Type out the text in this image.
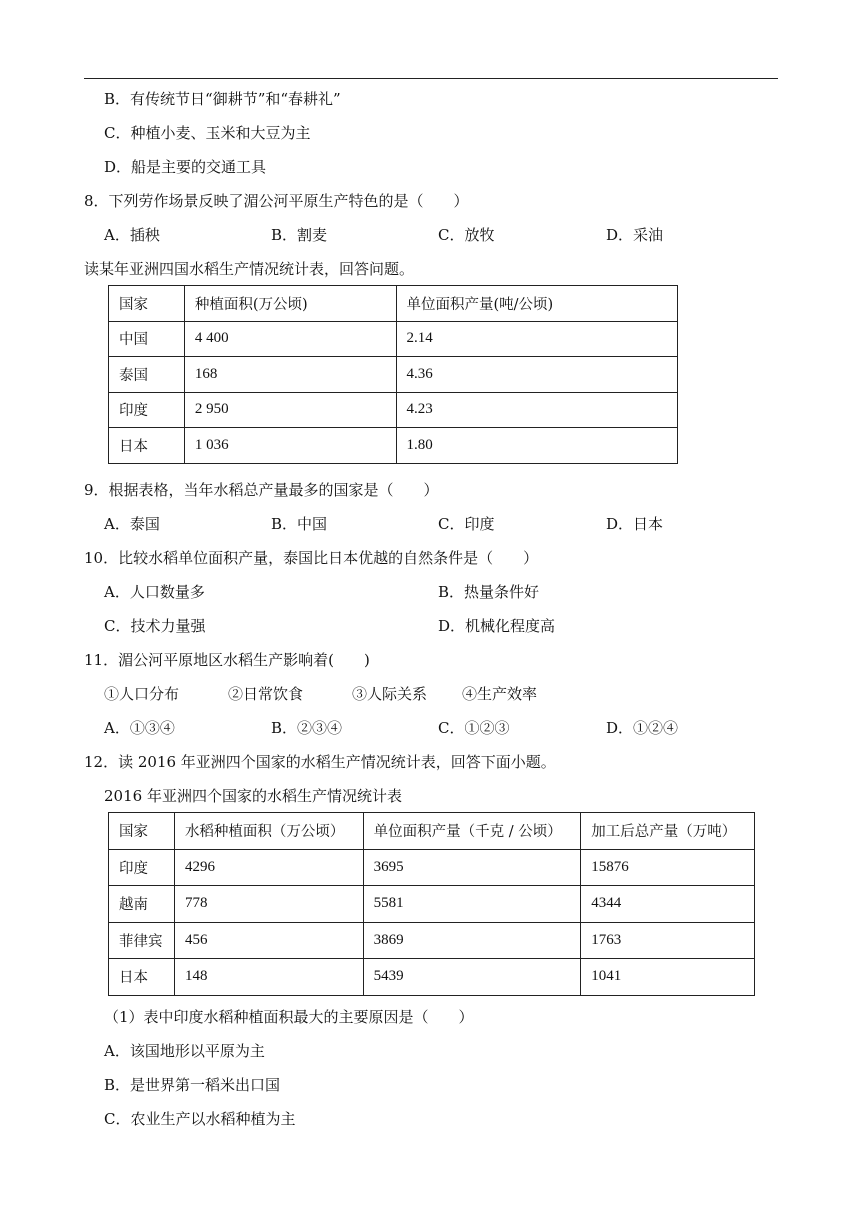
B．有传统节日“御耕节”和“春耕礼”
C．种植小麦、玉米和大豆为主
D．船是主要的交通工具
8．下列劳作场景反映了湄公河平原生产特色的是（　　）
A．插秧	B．割麦	C．放牧	D．采油
读某年亚洲四国水稻生产情况统计表，回答问题。
国家	种植面积(万公顷)	单位面积产量(吨/公顷)
中国	4 400	2.14
泰国	168	4.36
印度	2 950	4.23
日本	1 036	1.80
9．根据表格，当年水稻总产量最多的国家是（　　）
A．泰国	B．中国	C．印度	D．日本
10．比较水稻单位面积产量，泰国比日本优越的自然条件是（　　）
A．人口数量多	B．热量条件好
C．技术力量强	D．机械化程度高
11．湄公河平原地区水稻生产影响着(　　)
①人口分布	②日常饮食	③人际关系 ④生产效率
A．①③④	B．②③④	C．①②③	D．①②④
12．读 2016 年亚洲四个国家的水稻生产情况统计表，回答下面小题。
2016 年亚洲四个国家的水稻生产情况统计表
国家	水稻种植面积（万公顷）	单位面积产量（千克 / 公顷）	加工后总产量（万吨）
印度	4296	3695	15876
越南	778	5581	4344
菲律宾	456	3869	1763
日本	148	5439	1041
（1）表中印度水稻种植面积最大的主要原因是（　　）
A．该国地形以平原为主
B．是世界第一稻米出口国
C．农业生产以水稻种植为主
